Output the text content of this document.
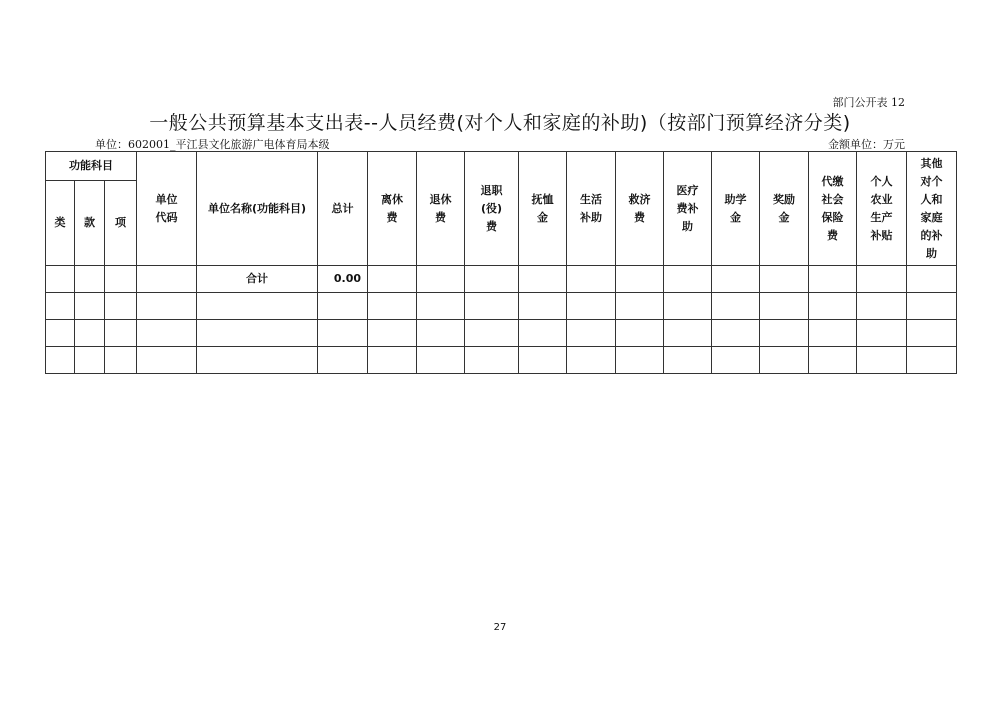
部门公开表 12
一般公共预算基本支出表--人员经费(对个人和家庭的补助)（按部门预算经济分类)
单位：602001_平江县文化旅游广电体育局本级	金额单位：万元
功能科目			单位代码	单位名称(功能科目)	总计	离休费	退休费	退职(役)费	抚恤金	生活补助	救济费	医疗费补助	助学金	奖励金	代缴社会保险费	个人农业生产补贴	其他对个人和家庭的补助
类	款	项															
				合计	0.00												

27
